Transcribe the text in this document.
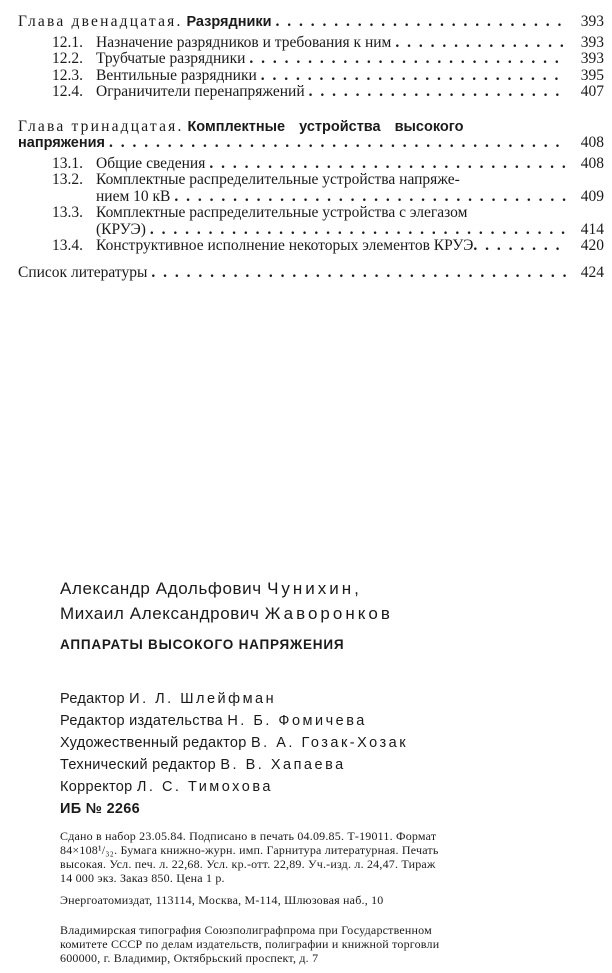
Глава двенадцатая. Разрядники . . .	393
12.1. Назначение разрядников и требования к ним . . .	393
12.2. Трубчатые разрядники . . .	393
12.3. Вентильные разрядники . . .	395
12.4. Ограничители перенапряжений . . .	407
Глава тринадцатая. Комплектные устройства высокого
напряжения . . .	408
13.1. Общие сведения . . .	408
13.2. Комплектные распределительные устройства напряже-
нием 10 кВ . . .	409
13.3. Комплектные распределительные устройства с элегазом
(КРУЭ) . . .	414
13.4. Конструктивное исполнение некоторых элементов КРУЭ . . .	420
Список литературы . . .	424
Александр Адольфович Чунихин,
Михаил Александрович Жаворонков
АППАРАТЫ ВЫСОКОГО НАПРЯЖЕНИЯ
Редактор И. Л. Шлейфман
Редактор издательства Н. Б. Фомичева
Художественный редактор В. А. Гозак-Хозак
Технический редактор В. В. Хапаева
Корректор Л. С. Тимохова
ИБ № 2266
Сдано в набор 23.05.84. Подписано в печать 04.09.85. Т-19011. Формат
84×108¹/₃₂. Бумага книжно-журн. имп. Гарнитура литературная. Печать
высокая. Усл. печ. л. 22,68. Усл. кр.-отт. 22,89. Уч.-изд. л. 24,47. Тираж
14 000 экз. Заказ 850. Цена 1 р.
Энергоатомиздат, 113114, Москва, М-114, Шлюзовая наб., 10
Владимирская типография Союзполиграфпрома при Государственном
комитете СССР по делам издательств, полиграфии и книжной торговли
600000, г. Владимир, Октябрьский проспект, д. 7
